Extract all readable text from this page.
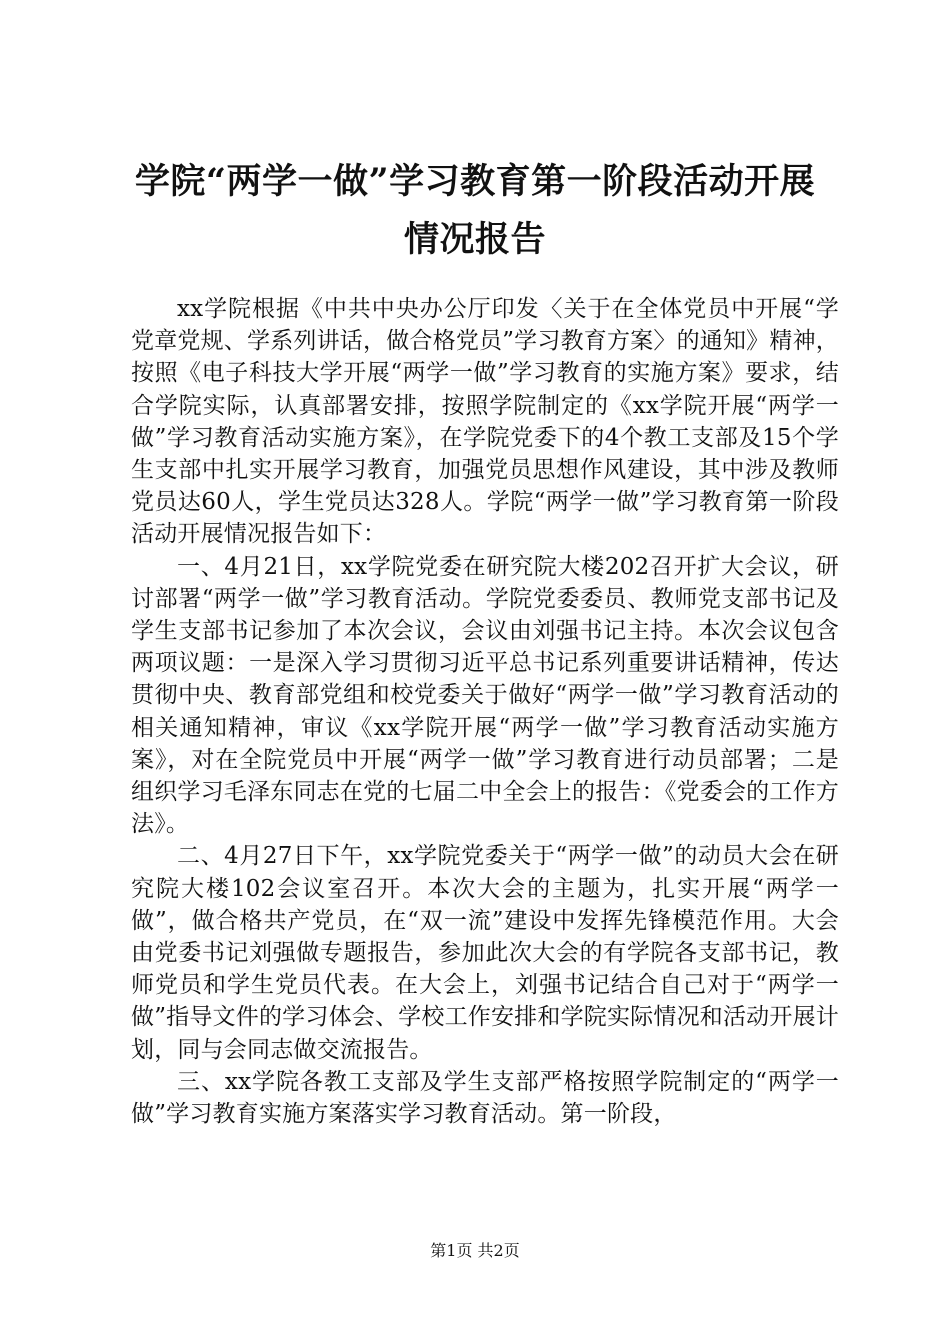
学院“两学一做”学习教育第一阶段活动开展
情况报告

xx学院根据《中共中央办公厅印发〈关于在全体党员中开展“学党章党规、学系列讲话，做合格党员”学习教育方案〉的通知》精神，按照《电子科技大学开展“两学一做”学习教育的实施方案》要求，结合学院实际，认真部署安排，按照学院制定的《xx学院开展“两学一做”学习教育活动实施方案》，在学院党委下的4个教工支部及15个学生支部中扎实开展学习教育，加强党员思想作风建设，其中涉及教师党员达60人，学生党员达328人。学院“两学一做”学习教育第一阶段活动开展情况报告如下：

一、4月21日，xx学院党委在研究院大楼202召开扩大会议，研讨部署“两学一做”学习教育活动。学院党委委员、教师党支部书记及学生支部书记参加了本次会议，会议由刘强书记主持。本次会议包含两项议题：一是深入学习贯彻习近平总书记系列重要讲话精神，传达贯彻中央、教育部党组和校党委关于做好“两学一做”学习教育活动的相关通知精神，审议《xx学院开展“两学一做”学习教育活动实施方案》，对在全院党员中开展“两学一做”学习教育进行动员部署；二是组织学习毛泽东同志在党的七届二中全会上的报告：《党委会的工作方法》。

二、4月27日下午，xx学院党委关于“两学一做”的动员大会在研究院大楼102会议室召开。本次大会的主题为，扎实开展“两学一做”，做合格共产党员，在“双一流”建设中发挥先锋模范作用。大会由党委书记刘强做专题报告，参加此次大会的有学院各支部书记，教师党员和学生党员代表。在大会上，刘强书记结合自己对于“两学一做”指导文件的学习体会、学校工作安排和学院实际情况和活动开展计划，同与会同志做交流报告。

三、xx学院各教工支部及学生支部严格按照学院制定的“两学一做”学习教育实施方案落实学习教育活动。第一阶段，

第1页 共2页
